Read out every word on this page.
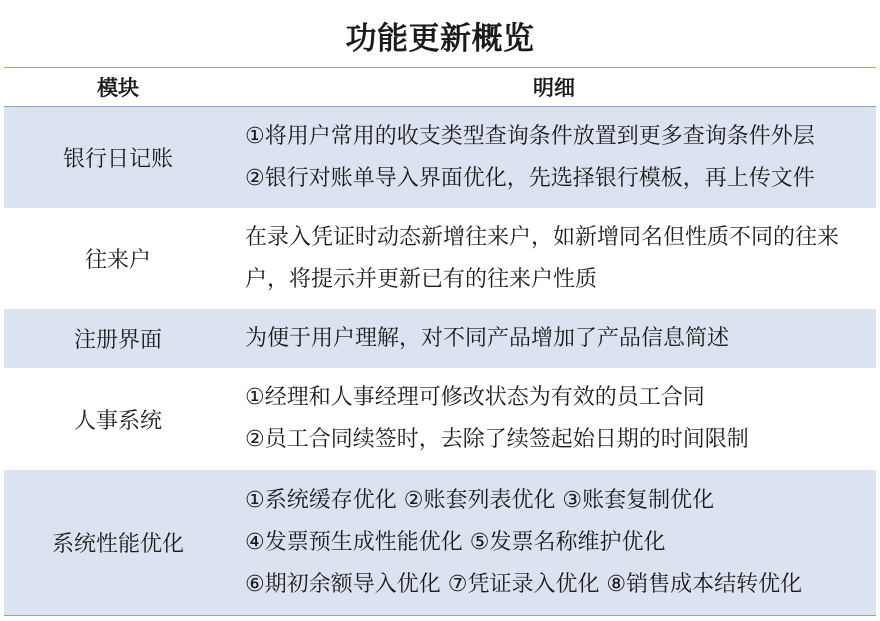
功能更新概览
模块	明细
银行日记账	①将用户常用的收支类型查询条件放置到更多查询条件外层
②银行对账单导入界面优化，先选择银行模板，再上传文件

往来户	在录入凭证时动态新增往来户，如新增同名但性质不同的往来户，将提示并更新已有的往来户性质

注册界面	为便于用户理解，对不同产品增加了产品信息简述

人事系统	①经理和人事经理可修改状态为有效的员工合同
②员工合同续签时，去除了续签起始日期的时间限制

系统性能优化	①系统缓存优化 ②账套列表优化 ③账套复制优化
④发票预生成性能优化 ⑤发票名称维护优化
⑥期初余额导入优化 ⑦凭证录入优化 ⑧销售成本结转优化
